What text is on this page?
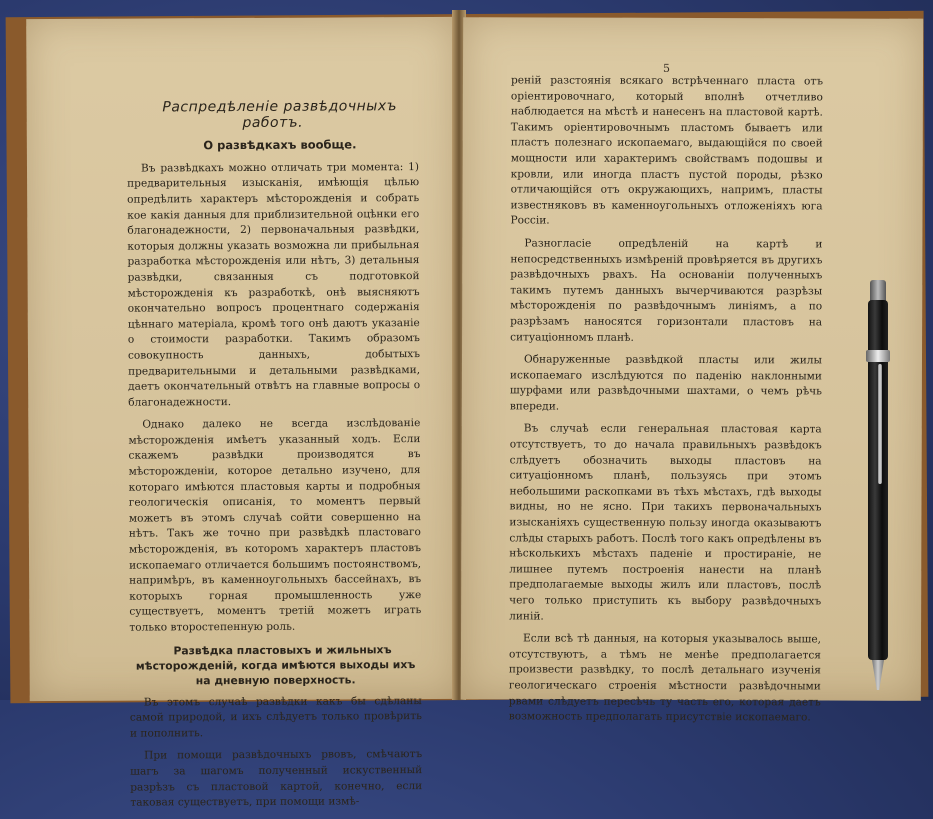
Распредѣленіе развѣдочныхъ работъ.

О развѣдкахъ вообще.

Въ развѣдкахъ можно отличать три момента: 1) предварительныя изысканія, имѣющія цѣлью опредѣлить характеръ мѣсторожденія и собрать кое какія данныя для приблизительной оцѣнки его благонадежности, 2) первоначальныя развѣдки, которыя должны указать возможна ли прибыльная разработка мѣсторожденія или нѣтъ, 3) детальныя развѣдки, связанныя съ подготовкой мѣсторожденія къ разработкѣ, онѣ выясняютъ окончательно вопросъ процентнаго содержанія цѣннаго матеріала, кромѣ того онѣ даютъ указаніе о стоимости разработки. Такимъ образомъ совокупность данныхъ, добытыхъ предварительными и детальными развѣдками, даетъ окончательный отвѣтъ на главные вопросы о благонадежности.

Однако далеко не всегда изслѣдованіе мѣсторожденія имѣетъ указанный ходъ. Если скажемъ развѣдки производятся въ мѣсторожденіи, которое детально изучено, для котораго имѣются пластовыя карты и подробныя геологическія описанія, то моментъ первый можетъ въ этомъ случаѣ сойти совершенно на нѣтъ. Такъ же точно при развѣдкѣ пластоваго мѣсторожденія, въ которомъ характеръ пластовъ ископаемаго отличается большимъ постоянствомъ, напримѣръ, въ каменноугольныхъ бассейнахъ, въ которыхъ горная промышленность уже существуетъ, моментъ третій можетъ играть только второстепенную роль.

Развѣдка пластовыхъ и жильныхъ мѣсторожденій, когда имѣются выходы ихъ на дневную поверхность.

Въ этомъ случаѣ развѣдки какъ бы сдѣланы самой природой, и ихъ слѣдуетъ только провѣрить и пополнить.

При помощи развѣдочныхъ рвовъ, смѣчаютъ шагъ за шагомъ полученный искуственный разрѣзъ съ пластовой картой, конечно, если таковая существуетъ, при помощи измѣ-

5

реній разстоянія всякаго встрѣченнаго пласта отъ оріентировочнаго, который вполнѣ отчетливо наблюдается на мѣстѣ и нанесенъ на пластовой картѣ. Такимъ оріентировочнымъ пластомъ бываетъ или пластъ полезнаго ископаемаго, выдающійся по своей мощности или характеримъ свойствамъ подошвы и кровли, или иногда пластъ пустой породы, рѣзко отличающійся отъ окружающихъ, напримъ, пласты известняковъ въ каменноугольныхъ отложеніяхъ юга Россіи.

Разногласіе опредѣленій на картѣ и непосредственныхъ измѣреній провѣряется въ другихъ развѣдочныхъ рвахъ. На основаніи полученныхъ такимъ путемъ данныхъ вычерчиваются разрѣзы мѣсторожденія по развѣдочнымъ линіямъ, а по разрѣзамъ наносятся горизонтали пластовъ на ситуаціонномъ планѣ.

Обнаруженные развѣдкой пласты или жилы ископаемаго изслѣдуются по паденію наклонными шурфами или развѣдочными шахтами, о чемъ рѣчь впереди.

Въ случаѣ если генеральная пластовая карта отсутствуетъ, то до начала правильныхъ развѣдокъ слѣдуетъ обозначить выходы пластовъ на ситуаціонномъ планѣ, пользуясь при этомъ небольшими раскопками въ тѣхъ мѣстахъ, гдѣ выходы видны, но не ясно. При такихъ первоначальныхъ изысканіяхъ существенную пользу иногда оказываютъ слѣды старыхъ работъ. Послѣ того какъ опредѣлены въ нѣсколькихъ мѣстахъ паденіе и простираніе, не лишнее путемъ построенія нанести на планѣ предполагаемые выходы жилъ или пластовъ, послѣ чего только приступить къ выбору развѣдочныхъ линій.

Если всѣ тѣ данныя, на которыя указывалось выше, отсутствуютъ, а тѣмъ не менѣе предполагается произвести развѣдку, то послѣ детальнаго изученія геологическаго строенія мѣстности развѣдочными рвами слѣдуетъ пересѣчь ту часть его, которая даетъ возможность предполагать присутствіе ископаемаго.
